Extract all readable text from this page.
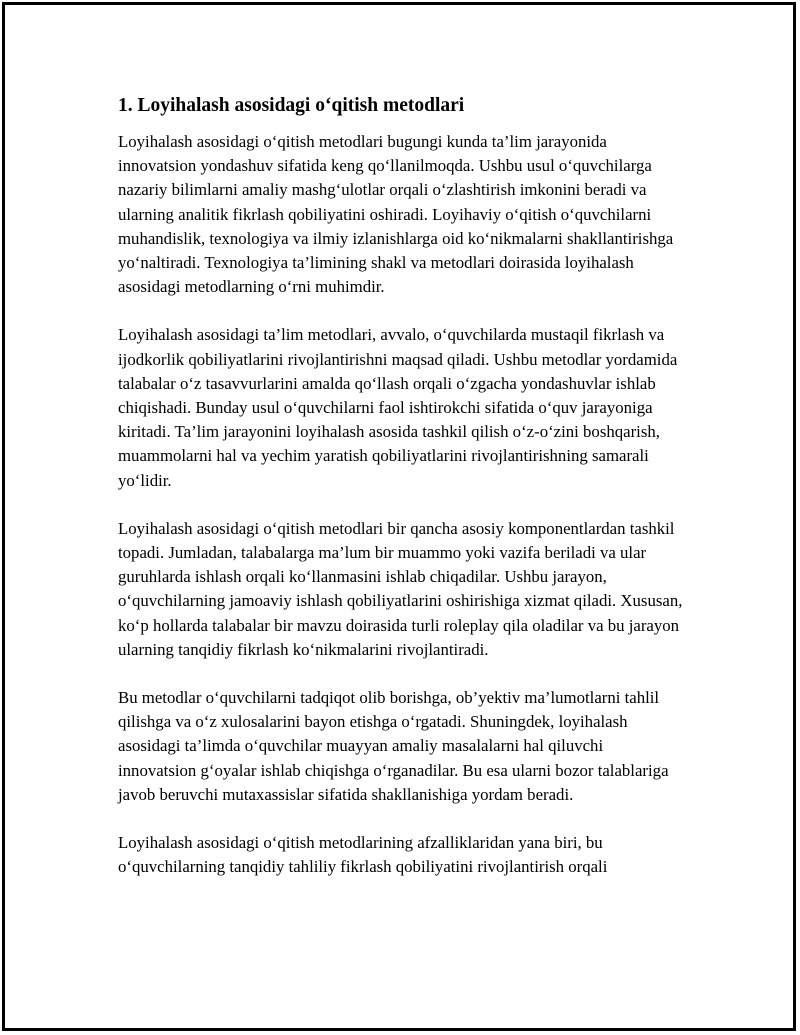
1. Loyihalash asosidagi o‘qitish metodlari

Loyihalash asosidagi o‘qitish metodlari bugungi kunda ta’lim jarayonida innovatsion yondashuv sifatida keng qo‘llanilmoqda. Ushbu usul o‘quvchilarga nazariy bilimlarni amaliy mashg‘ulotlar orqali o‘zlashtirish imkonini beradi va ularning analitik fikrlash qobiliyatini oshiradi. Loyihaviy o‘qitish o‘quvchilarni muhandislik, texnologiya va ilmiy izlanishlarga oid ko‘nikmalarni shakllantirishga yo‘naltiradi. Texnologiya ta’limining shakl va metodlari doirasida loyihalash asosidagi metodlarning o‘rni muhimdir.

Loyihalash asosidagi ta’lim metodlari, avvalo, o‘quvchilarda mustaqil fikrlash va ijodkorlik qobiliyatlarini rivojlantirishni maqsad qiladi. Ushbu metodlar yordamida talabalar o‘z tasavvurlarini amalda qo‘llash orqali o‘zgacha yondashuvlar ishlab chiqishadi. Bunday usul o‘quvchilarni faol ishtirokchi sifatida o‘quv jarayoniga kiritadi. Ta’lim jarayonini loyihalash asosida tashkil qilish o‘z-o‘zini boshqarish, muammolarni hal va yechim yaratish qobiliyatlarini rivojlantirishning samarali yo‘lidir.

Loyihalash asosidagi o‘qitish metodlari bir qancha asosiy komponentlardan tashkil topadi. Jumladan, talabalarga ma’lum bir muammo yoki vazifa beriladi va ular guruhlarda ishlash orqali ko‘llanmasini ishlab chiqadilar. Ushbu jarayon, o‘quvchilarning jamoaviy ishlash qobiliyatlarini oshirishiga xizmat qiladi. Xususan, ko‘p hollarda talabalar bir mavzu doirasida turli roleplay qila oladilar va bu jarayon ularning tanqidiy fikrlash ko‘nikmalarini rivojlantiradi.

Bu metodlar o‘quvchilarni tadqiqot olib borishga, ob’yektiv ma’lumotlarni tahlil qilishga va o‘z xulosalarini bayon etishga o‘rgatadi. Shuningdek, loyihalash asosidagi ta’limda o‘quvchilar muayyan amaliy masalalarni hal qiluvchi innovatsion g‘oyalar ishlab chiqishga o‘rganadilar. Bu esa ularni bozor talablariga javob beruvchi mutaxassislar sifatida shakllanishiga yordam beradi.

Loyihalash asosidagi o‘qitish metodlarining afzalliklaridan yana biri, bu o‘quvchilarning tanqidiy tahliliy fikrlash qobiliyatini rivojlantirish orqali
